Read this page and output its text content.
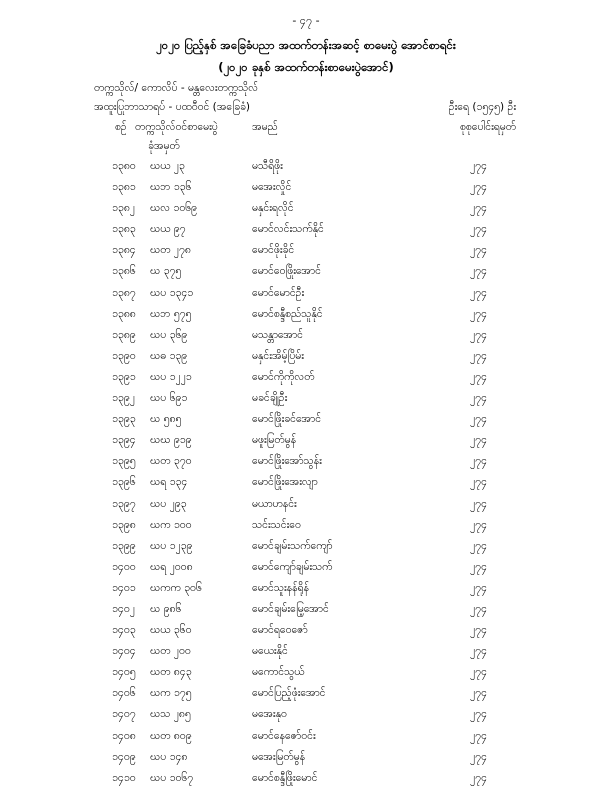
- ၄၇ -
၂၀၂၀ ပြည့်နှစ် အခြေခံပညာ အထက်တန်းအဆင့် စာမေးပွဲ အောင်စာရင်း
(၂၀၂၀ ခုနှစ် အထက်တန်းစာမေးပွဲအောင်)
တက္ကသိုလ်/ ကောလိပ် - မန္တလေးတက္ကသိုလ်
အထူးပြုဘာသာရပ် - ပထဝီဝင် (အခြေခံ)	ဦးရေ (၁၅၄၅) ဦး
စဉ် တက္ကသိုလ်ဝင်စာမေးပွဲ	အမည်	စုစုပေါင်းရမှတ်
ခုံအမှတ်
၁၃၈၀ ဃယ ၂၃	မသီရိဖိုး	၂၇၄
၁၃၈၁ ဃဘ ၁၃၆	မအေးလှိုင်	၂၇၄
၁၃၈၂ ဃလ ၁၀၆၉	မနှင်းရလိုင်	၂၇၄
၁၃၈၃ ဃယ ၉၇	မောင်လင်းသက်နိုင်	၂၇၄
၁၃၈၄ ဃတ ၂၇၈	မောင်ဖိုးခိုင်	၂၇၄
၁၃၈၆ ဃ ၃၇၅	မောင်ဝေဖြိုးအောင်	၂၇၄
၁၃၈၇ ဃပ ၁၃၄၁	မောင်မောင်ဦး	၂၇၄
၁၃၈၈ ဃဘ ၅၇၅	မောင်စန္ဒီစည်သူနိုင်	၂၇၄
၁၃၈၉ ဃပ ၃၆၉	မသန္တာအောင်	၂၇၄
၁၃၉၀ ဃဓ ၁၃၉	မနှင်းအိမ့်ပြိမ်း	၂၇၄
၁၃၉၁ ဃပ ၁၂၂၁	မောင်ကိုကိုလတ်	၂၇၄
၁၃၉၂ ဃပ ၆၉၁	မခင်ချိုဦး	၂၇၄
၁၃၉၃ ဃ ၅၈၅	မောင်ဖြိုးခင်အောင်	၂၇၄
၁၃၉၄ ဃဃ ၉၁၉	မဖူးမြတ်မွန်	၂၇၄
၁၃၉၅ ဃတ ၃၇၀	မောင်ဖြိုးအော်သွန်း	၂၇၄
၁၃၉၆ ဃရ ၁၃၄	မောင်ဖြိုးအေးလျာ	၂၇၄
၁၃၉၇ ဃပ ၂၉၃	မယာဟနင်း	၂၇၄
၁၃၉၈ ဃက ၁၀၀	သင်းသင်းဝေ	၂၇၄
၁၃၉၉ ဃပ ၁၂၃၉	မောင်ချမ်းသက်ကျော်	၂၇၄
၁၄၀၀ ဃရ ၂၀၀၈	မောင်ကျော်ချမ်းသက်	၂၇၄
၁၄၀၁ ဃကက ၃၀၆	မောင်သူးနန်ရိုန်	၂၇၄
၁၄၀၂ ဃ ၉၈၆	မောင်ချမ်းမြေ့အောင်	၂၇၄
၁၄၀၃ ဃယ ၃၆၀	မောင်ရဝေဇော်	၂၇၄
၁၄၀၄ ဃတ ၂၀၀	မယေးနိုင်	၂၇၄
၁၄၀၅ ဃတ ၈၄၃	မကောင်သွယ်	၂၇၄
၁၄၀၆ ဃက ၁၇၅	မောင်ပြည့်ဖုံးအောင်	၂၇၄
၁၄၀၇ ဃသ ၂၈၅	မအေးနုဝ	၂၇၄
၁၄၀၈ ဃတ ၈၀၉	မောင်နေဇော်ဝင်း	၂၇၄
၁၄၀၉ ဃပ ၁၄၈	မအေးမြတ်မွန်	၂၇၄
၁၄၁၀ ဃပ ၁၀၆၇	မောင်စန္ဒီဖြိုးမောင်	၂၇၄
